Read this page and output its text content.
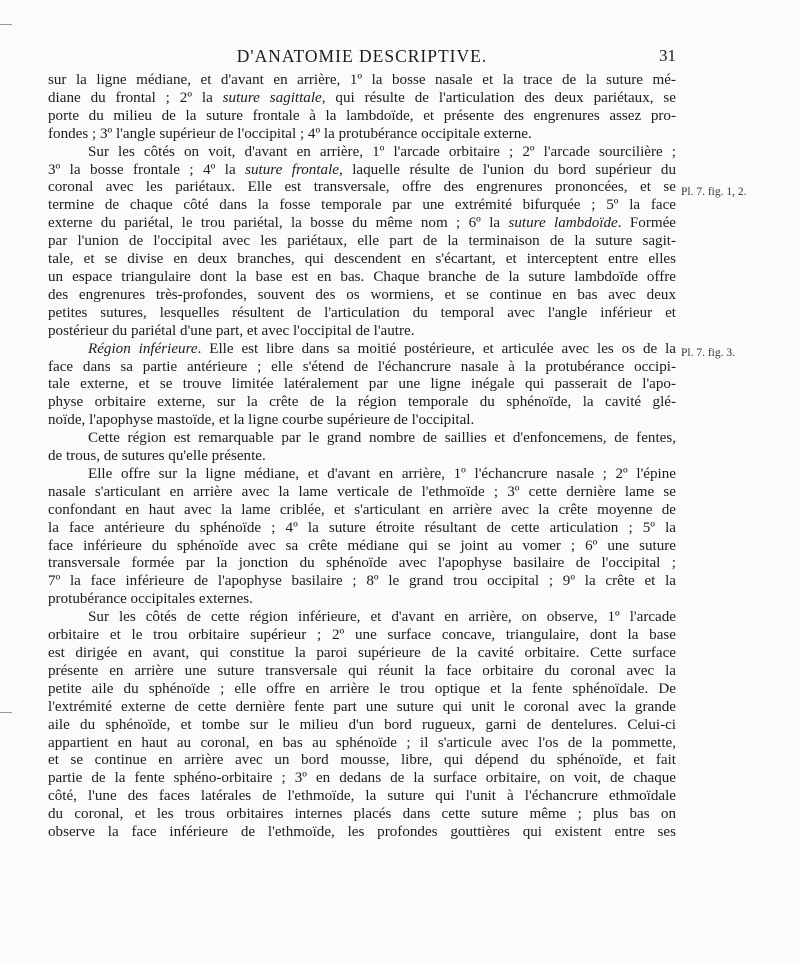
D'ANATOMIE DESCRIPTIVE.	31
sur la ligne médiane, et d'avant en arrière, 1º la bosse nasale et la trace de la suture mé-
diane du frontal ; 2º la suture sagittale, qui résulte de l'articulation des deux pariétaux, se
porte du milieu de la suture frontale à la lambdoïde, et présente des engrenures assez pro-
fondes ; 3º l'angle supérieur de l'occipital ; 4º la protubérance occipitale externe.
Sur les côtés on voit, d'avant en arrière, 1º l'arcade orbitaire ; 2º l'arcade sourcilière ;
3º la bosse frontale ; 4º la suture frontale, laquelle résulte de l'union du bord supérieur du
coronal avec les pariétaux. Elle est transversale, offre des engrenures prononcées, et se
termine de chaque côté dans la fosse temporale par une extrémité bifurquée ; 5º la face
externe du pariétal, le trou pariétal, la bosse du même nom ; 6º la suture lambdoïde. Formée
par l'union de l'occipital avec les pariétaux, elle part de la terminaison de la suture sagit-
tale, et se divise en deux branches, qui descendent en s'écartant, et interceptent entre elles
un espace triangulaire dont la base est en bas. Chaque branche de la suture lambdoïde offre
des engrenures très-profondes, souvent des os wormiens, et se continue en bas avec deux
petites sutures, lesquelles résultent de l'articulation du temporal avec l'angle inférieur et
postérieur du pariétal d'une part, et avec l'occipital de l'autre.
Région inférieure. Elle est libre dans sa moitié postérieure, et articulée avec les os de la
face dans sa partie antérieure ; elle s'étend de l'échancrure nasale à la protubérance occipi-
tale externe, et se trouve limitée latéralement par une ligne inégale qui passerait de l'apo-
physe orbitaire externe, sur la crête de la région temporale du sphénoïde, la cavité glé-
noïde, l'apophyse mastoïde, et la ligne courbe supérieure de l'occipital.
Cette région est remarquable par le grand nombre de saillies et d'enfoncemens, de fentes,
de trous, de sutures qu'elle présente.
Elle offre sur la ligne médiane, et d'avant en arrière, 1º l'échancrure nasale ; 2º l'épine
nasale s'articulant en arrière avec la lame verticale de l'ethmoïde ; 3º cette dernière lame se
confondant en haut avec la lame criblée, et s'articulant en arrière avec la crête moyenne de
la face antérieure du sphénoïde ; 4º la suture étroite résultant de cette articulation ; 5º la
face inférieure du sphénoïde avec sa crête médiane qui se joint au vomer ; 6º une suture
transversale formée par la jonction du sphénoïde avec l'apophyse basilaire de l'occipital ;
7º la face inférieure de l'apophyse basilaire ; 8º le grand trou occipital ; 9º la crête et la
protubérance occipitales externes.
Sur les côtés de cette région inférieure, et d'avant en arrière, on observe, 1º l'arcade
orbitaire et le trou orbitaire supérieur ; 2º une surface concave, triangulaire, dont la base
est dirigée en avant, qui constitue la paroi supérieure de la cavité orbitaire. Cette surface
présente en arrière une suture transversale qui réunit la face orbitaire du coronal avec la
petite aile du sphénoïde ; elle offre en arrière le trou optique et la fente sphénoïdale. De
l'extrémité externe de cette dernière fente part une suture qui unit le coronal avec la grande
aile du sphénoïde, et tombe sur le milieu d'un bord rugueux, garni de dentelures. Celui-ci
appartient en haut au coronal, en bas au sphénoïde ; il s'articule avec l'os de la pommette,
et se continue en arrière avec un bord mousse, libre, qui dépend du sphénoïde, et fait
partie de la fente sphéno-orbitaire ; 3º en dedans de la surface orbitaire, on voit, de chaque
côté, l'une des faces latérales de l'ethmoïde, la suture qui l'unit à l'échancrure ethmoïdale
du coronal, et les trous orbitaires internes placés dans cette suture même ; plus bas on
observe la face inférieure de l'ethmoïde, les profondes gouttières qui existent entre ses
Pl. 7. fig. 1, 2.
Pl. 7. fig. 3.
